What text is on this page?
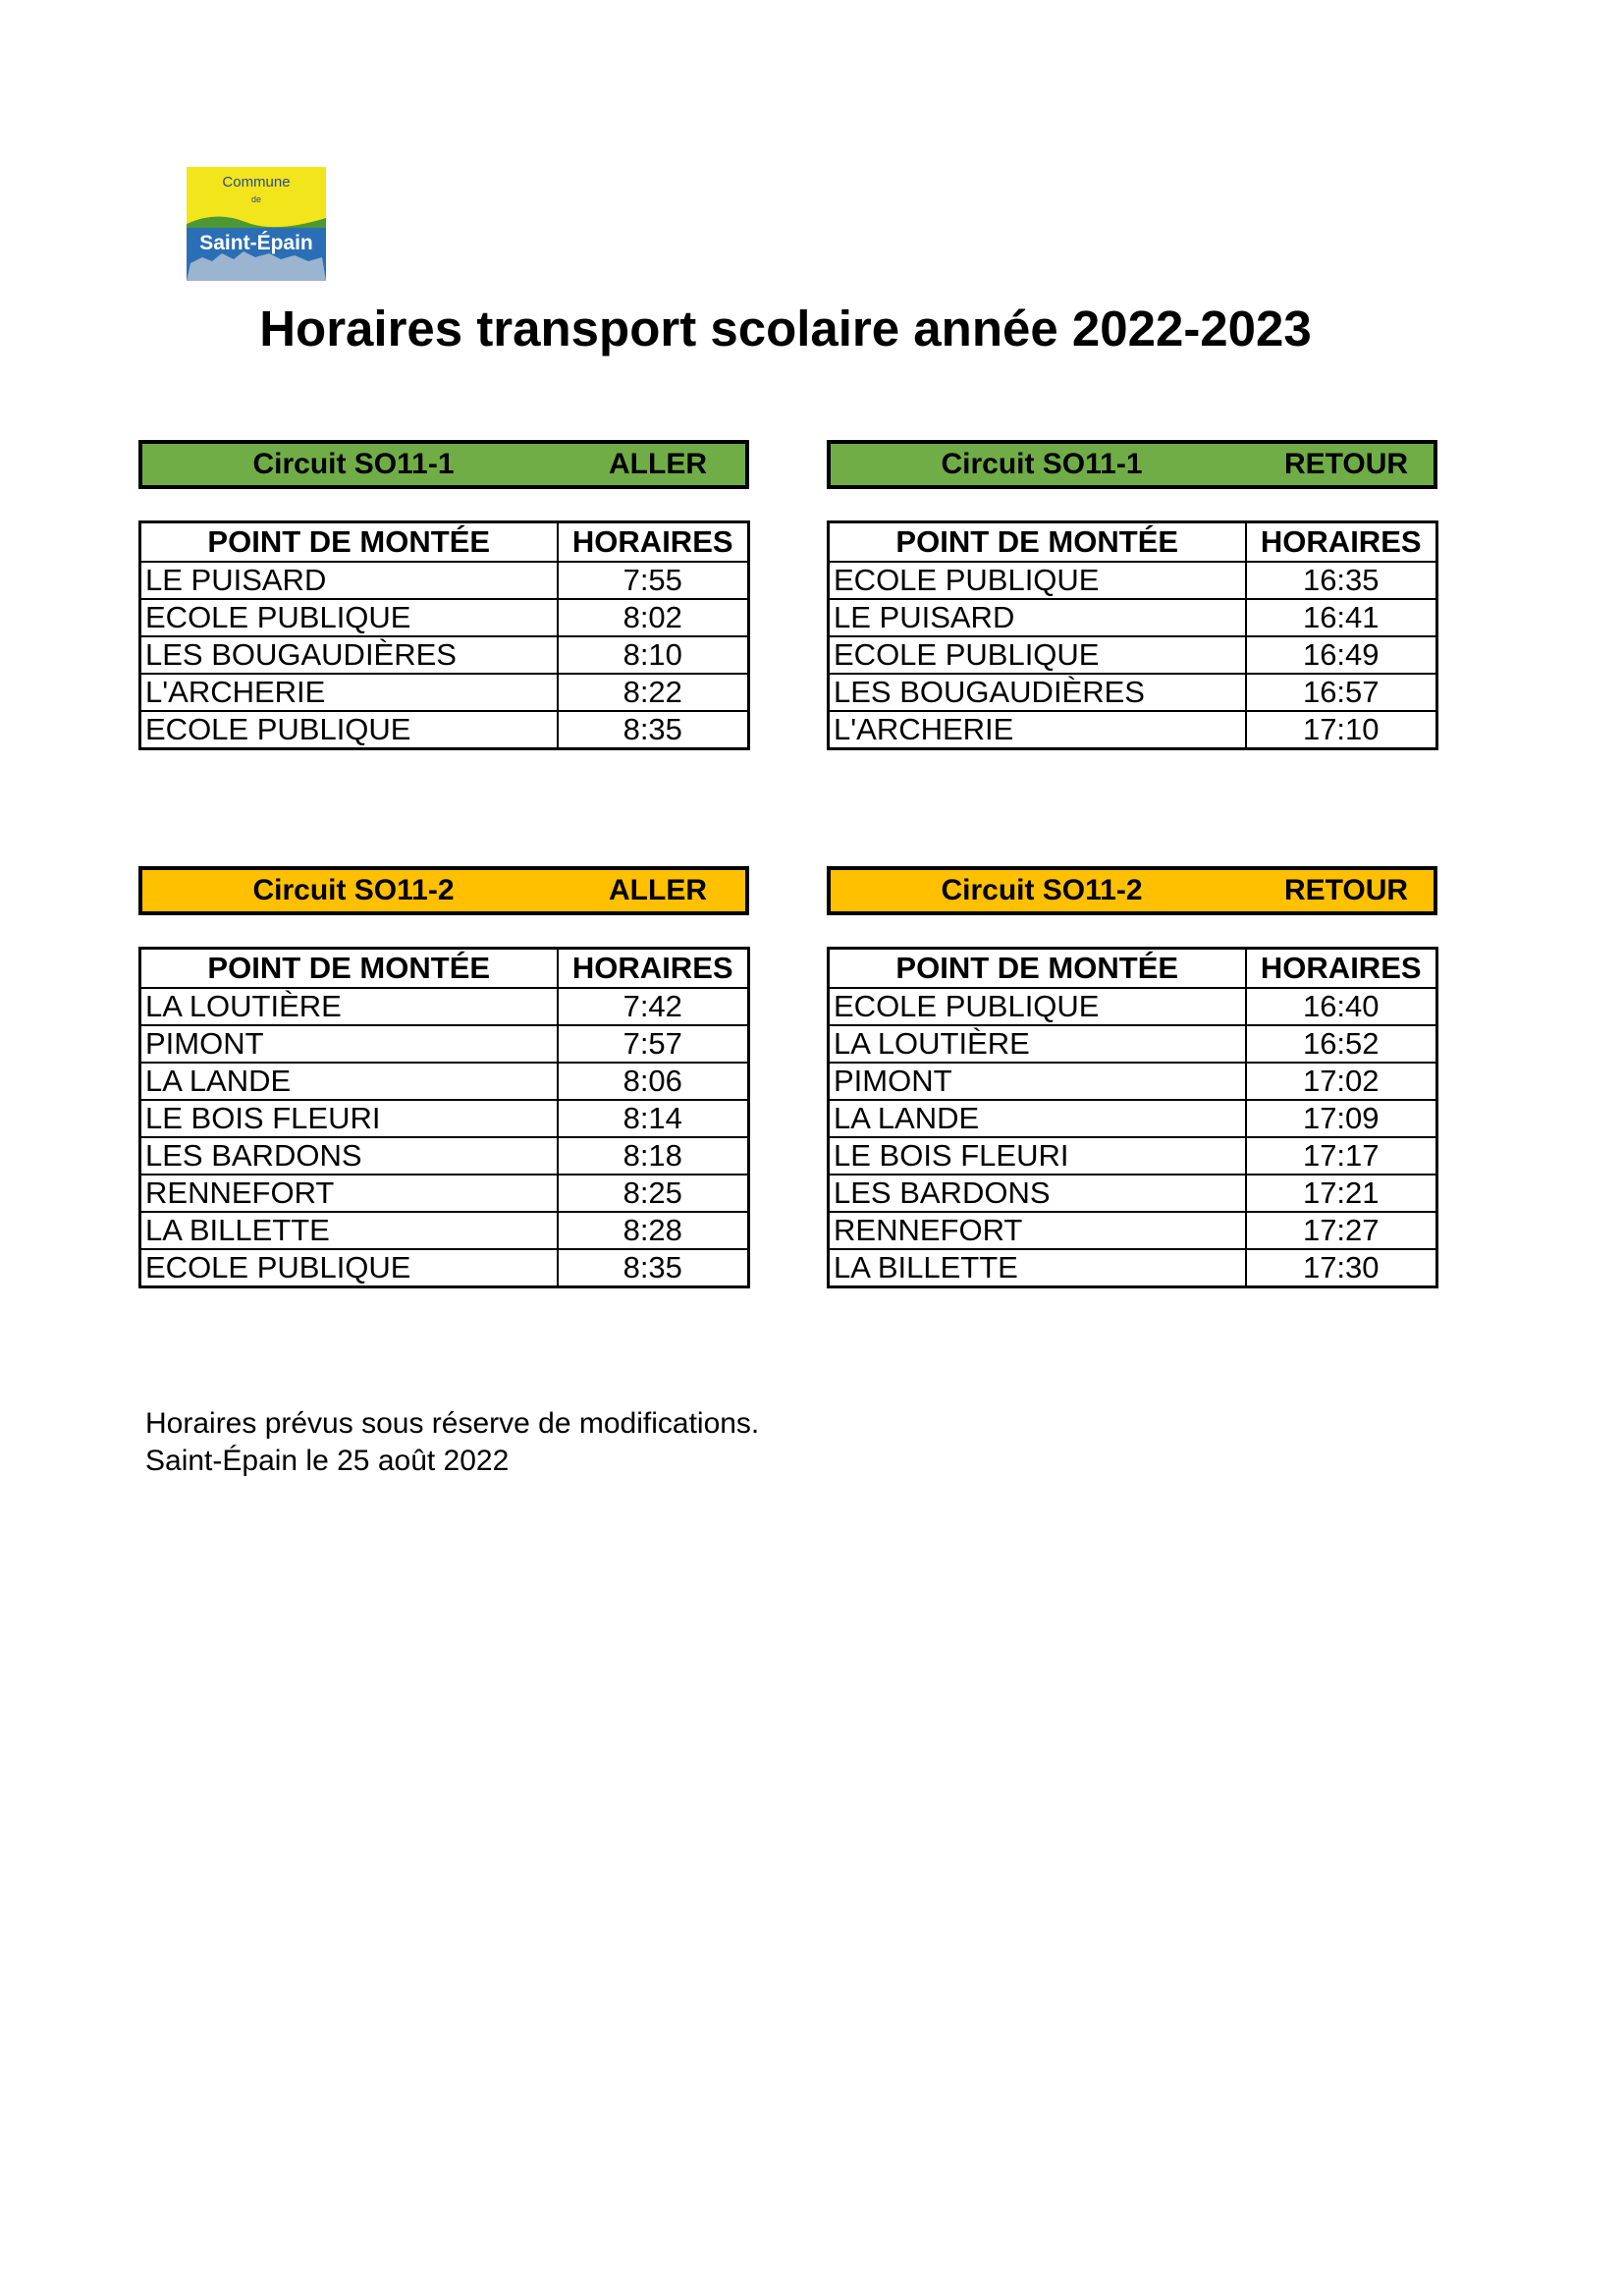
Commune
de
Saint-Épain
Horaires transport scolaire année 2022-2023
Circuit SO11-1	ALLER
POINT DE MONTÉE	HORAIRES
LE PUISARD	7:55
ECOLE PUBLIQUE	8:02
LES BOUGAUDIÈRES	8:10
L'ARCHERIE	8:22
ECOLE PUBLIQUE	8:35
Circuit SO11-1	RETOUR
POINT DE MONTÉE	HORAIRES
ECOLE PUBLIQUE	16:35
LE PUISARD	16:41
ECOLE PUBLIQUE	16:49
LES BOUGAUDIÈRES	16:57
L'ARCHERIE	17:10
Circuit SO11-2	ALLER
POINT DE MONTÉE	HORAIRES
LA LOUTIÈRE	7:42
PIMONT	7:57
LA LANDE	8:06
LE BOIS FLEURI	8:14
LES BARDONS	8:18
RENNEFORT	8:25
LA BILLETTE	8:28
ECOLE PUBLIQUE	8:35
Circuit SO11-2	RETOUR
POINT DE MONTÉE	HORAIRES
ECOLE PUBLIQUE	16:40
LA LOUTIÈRE	16:52
PIMONT	17:02
LA LANDE	17:09
LE BOIS FLEURI	17:17
LES BARDONS	17:21
RENNEFORT	17:27
LA BILLETTE	17:30
Horaires prévus sous réserve de modifications.
Saint-Épain le 25 août 2022
